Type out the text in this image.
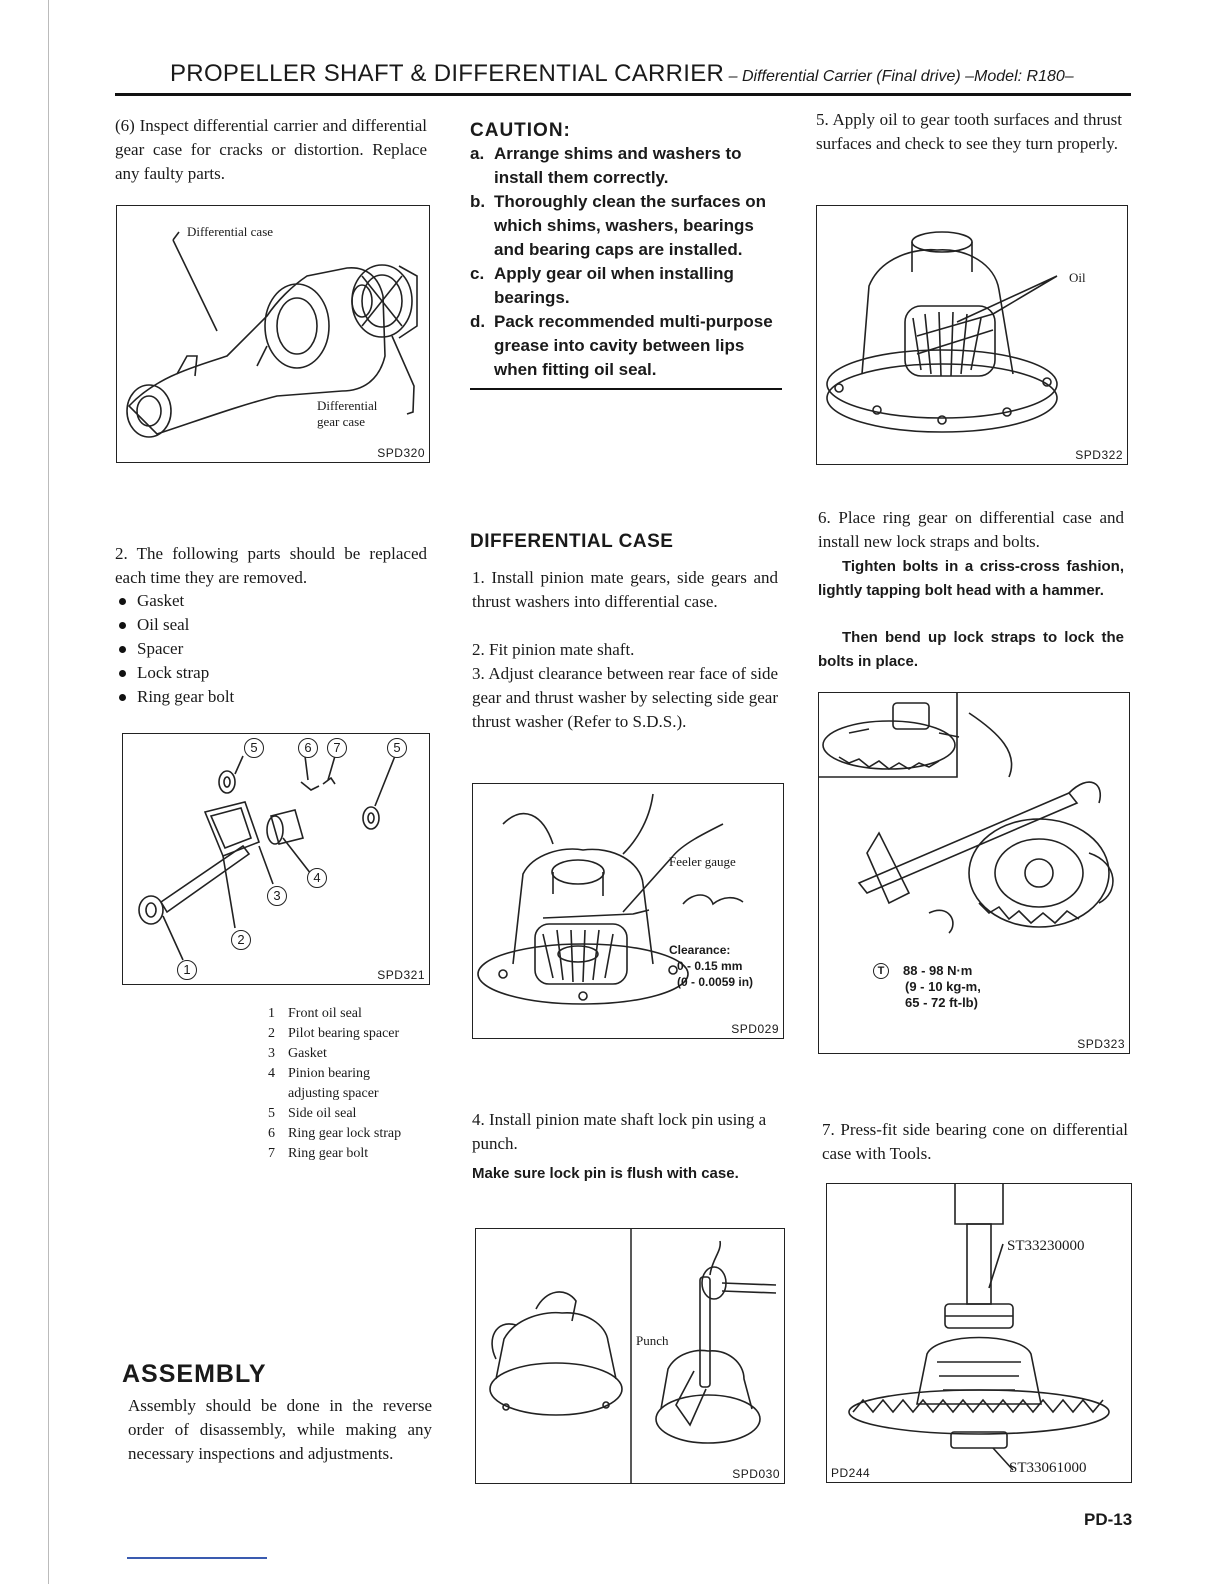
PROPELLER SHAFT & DIFFERENTIAL CARRIER – Differential Carrier (Final drive) –Model: R180–
(6) Inspect differential carrier and differential gear case for cracks or distortion. Replace any faulty parts.
Differential case
Differential gear case
SPD320
2. The following parts should be replaced each time they are removed.
Gasket
Oil seal
Spacer
Lock strap
Ring gear bolt
5	6	7	5
4
3
2
1	SPD321
1 Front oil seal
2 Pilot bearing spacer
3 Gasket
4 Pinion bearing adjusting spacer
5 Side oil seal
6 Ring gear lock strap
7 Ring gear bolt
ASSEMBLY
Assembly should be done in the reverse order of disassembly, while making any necessary inspections and adjustments.
CAUTION:
a. Arrange shims and washers to install them correctly.
b. Thoroughly clean the surfaces on which shims, washers, bearings and bearing caps are installed.
c. Apply gear oil when installing bearings.
d. Pack recommended multi-purpose grease into cavity between lips when fitting oil seal.
DIFFERENTIAL CASE
1. Install pinion mate gears, side gears and thrust washers into differential case.
2. Fit pinion mate shaft.
3. Adjust clearance between rear face of side gear and thrust washer by selecting side gear thrust washer (Refer to S.D.S.).
Feeler gauge
Clearance:
0 - 0.15 mm
(0 - 0.0059 in)
SPD029
4. Install pinion mate shaft lock pin using a punch.
Make sure lock pin is flush with case.
Punch
SPD030
5. Apply oil to gear tooth surfaces and thrust surfaces and check to see they turn properly.
Oil
SPD322
6. Place ring gear on differential case and install new lock straps and bolts.
Tighten bolts in a criss-cross fashion, lightly tapping bolt head with a hammer.
Then bend up lock straps to lock the bolts in place.
T	88 - 98 N·m
(9 - 10 kg-m,
65 - 72 ft-lb)
SPD323
7. Press-fit side bearing cone on differential case with Tools.
ST33230000
ST33061000
PD244
PD-13
